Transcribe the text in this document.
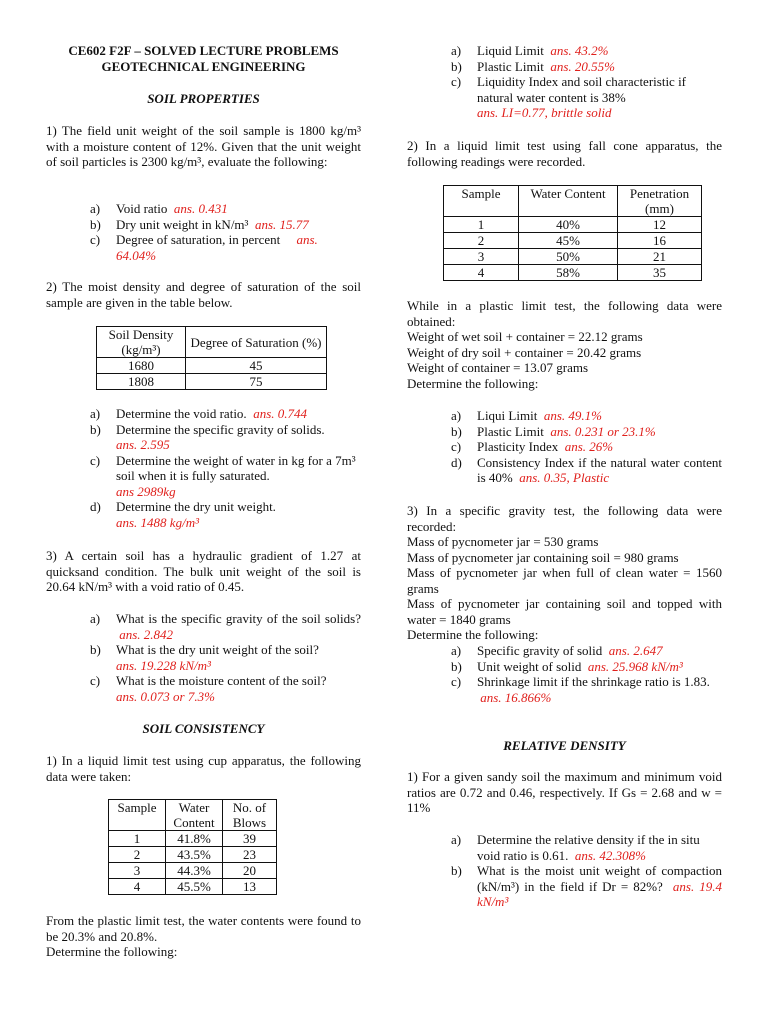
CE602 F2F – SOLVED LECTURE PROBLEMS

GEOTECHNICAL ENGINEERING

SOIL PROPERTIES

1) The field unit weight of the soil sample is 1800 kg/m³ with a moisture content of 12%. Given that the unit weight of soil particles is 2300 kg/m³, evaluate the following:

a)	Void ratio ans. 0.431
b)	Dry unit weight in kN/m³ ans. 15.77
c)	Degree of saturation, in percent ans. 64.04%

2) The moist density and degree of saturation of the soil sample are given in the table below.

Soil Density (kg/m³)	Degree of Saturation (%)
1680	45
1808	75
a)	Determine the void ratio. ans. 0.744
b)	Determine the specific gravity of solids.
ans. 2.595
c)	Determine the weight of water in kg for a 7m³ soil when it is fully saturated.
ans 2989kg
d)	Determine the dry unit weight.
ans. 1488 kg/m³

3) A certain soil has a hydraulic gradient of 1.27 at quicksand condition. The bulk unit weight of the soil is 20.64 kN/m³ with a void ratio of 0.45.

a)	What is the specific gravity of the soil solids?  ans. 2.842
b)	What is the dry unit weight of the soil?
ans. 19.228 kN/m³
c)	What is the moisture content of the soil?
ans. 0.073 or 7.3%

SOIL CONSISTENCY

1) In a liquid limit test using cup apparatus, the following data were taken:

Sample	Water Content	No. of Blows
1	41.8%	39
2	43.5%	23
3	44.3%	20
4	45.5%	13

From the plastic limit test, the water contents were found to be 20.3% and 20.8%.

Determine the following:

a)	Liquid Limit ans. 43.2%
b)	Plastic Limit ans. 20.55%
c)	Liquidity Index and soil characteristic if natural water content is 38%
ans. LI=0.77, brittle solid

2) In a liquid limit test using fall cone apparatus, the following readings were recorded.

Sample	Water Content	Penetration (mm)
1	40%	12
2	45%	16
3	50%	21
4	58%	35

While in a plastic limit test, the following data were obtained:

Weight of wet soil + container = 22.12 grams

Weight of dry soil + container = 20.42 grams

Weight of container = 13.07 grams

Determine the following:

a)	Liqui Limit ans. 49.1%
b)	Plastic Limit ans. 0.231 or 23.1%
c)	Plasticity Index ans. 26%
d)	Consistency Index if the natural water content is 40% ans. 0.35, Plastic

3) In a specific gravity test, the following data were recorded:

Mass of pycnometer jar = 530 grams

Mass of pycnometer jar containing soil = 980 grams

Mass of pycnometer jar when full of clean water = 1560 grams

Mass of pycnometer jar containing soil and topped with water = 1840 grams

Determine the following:

a)	Specific gravity of solid ans. 2.647
b)	Unit weight of solid ans. 25.968 kN/m³
c)	Shrinkage limit if the shrinkage ratio is 1.83.  ans. 16.866%

RELATIVE DENSITY

1) For a given sandy soil the maximum and minimum void ratios are 0.72 and 0.46, respectively. If Gs = 2.68 and w = 11%

a)	Determine the relative density if the in situ void ratio is 0.61. ans. 42.308%
b)	What is the moist unit weight of compaction (kN/m³) in the field if Dr = 82%? ans. 19.4 kN/m³
